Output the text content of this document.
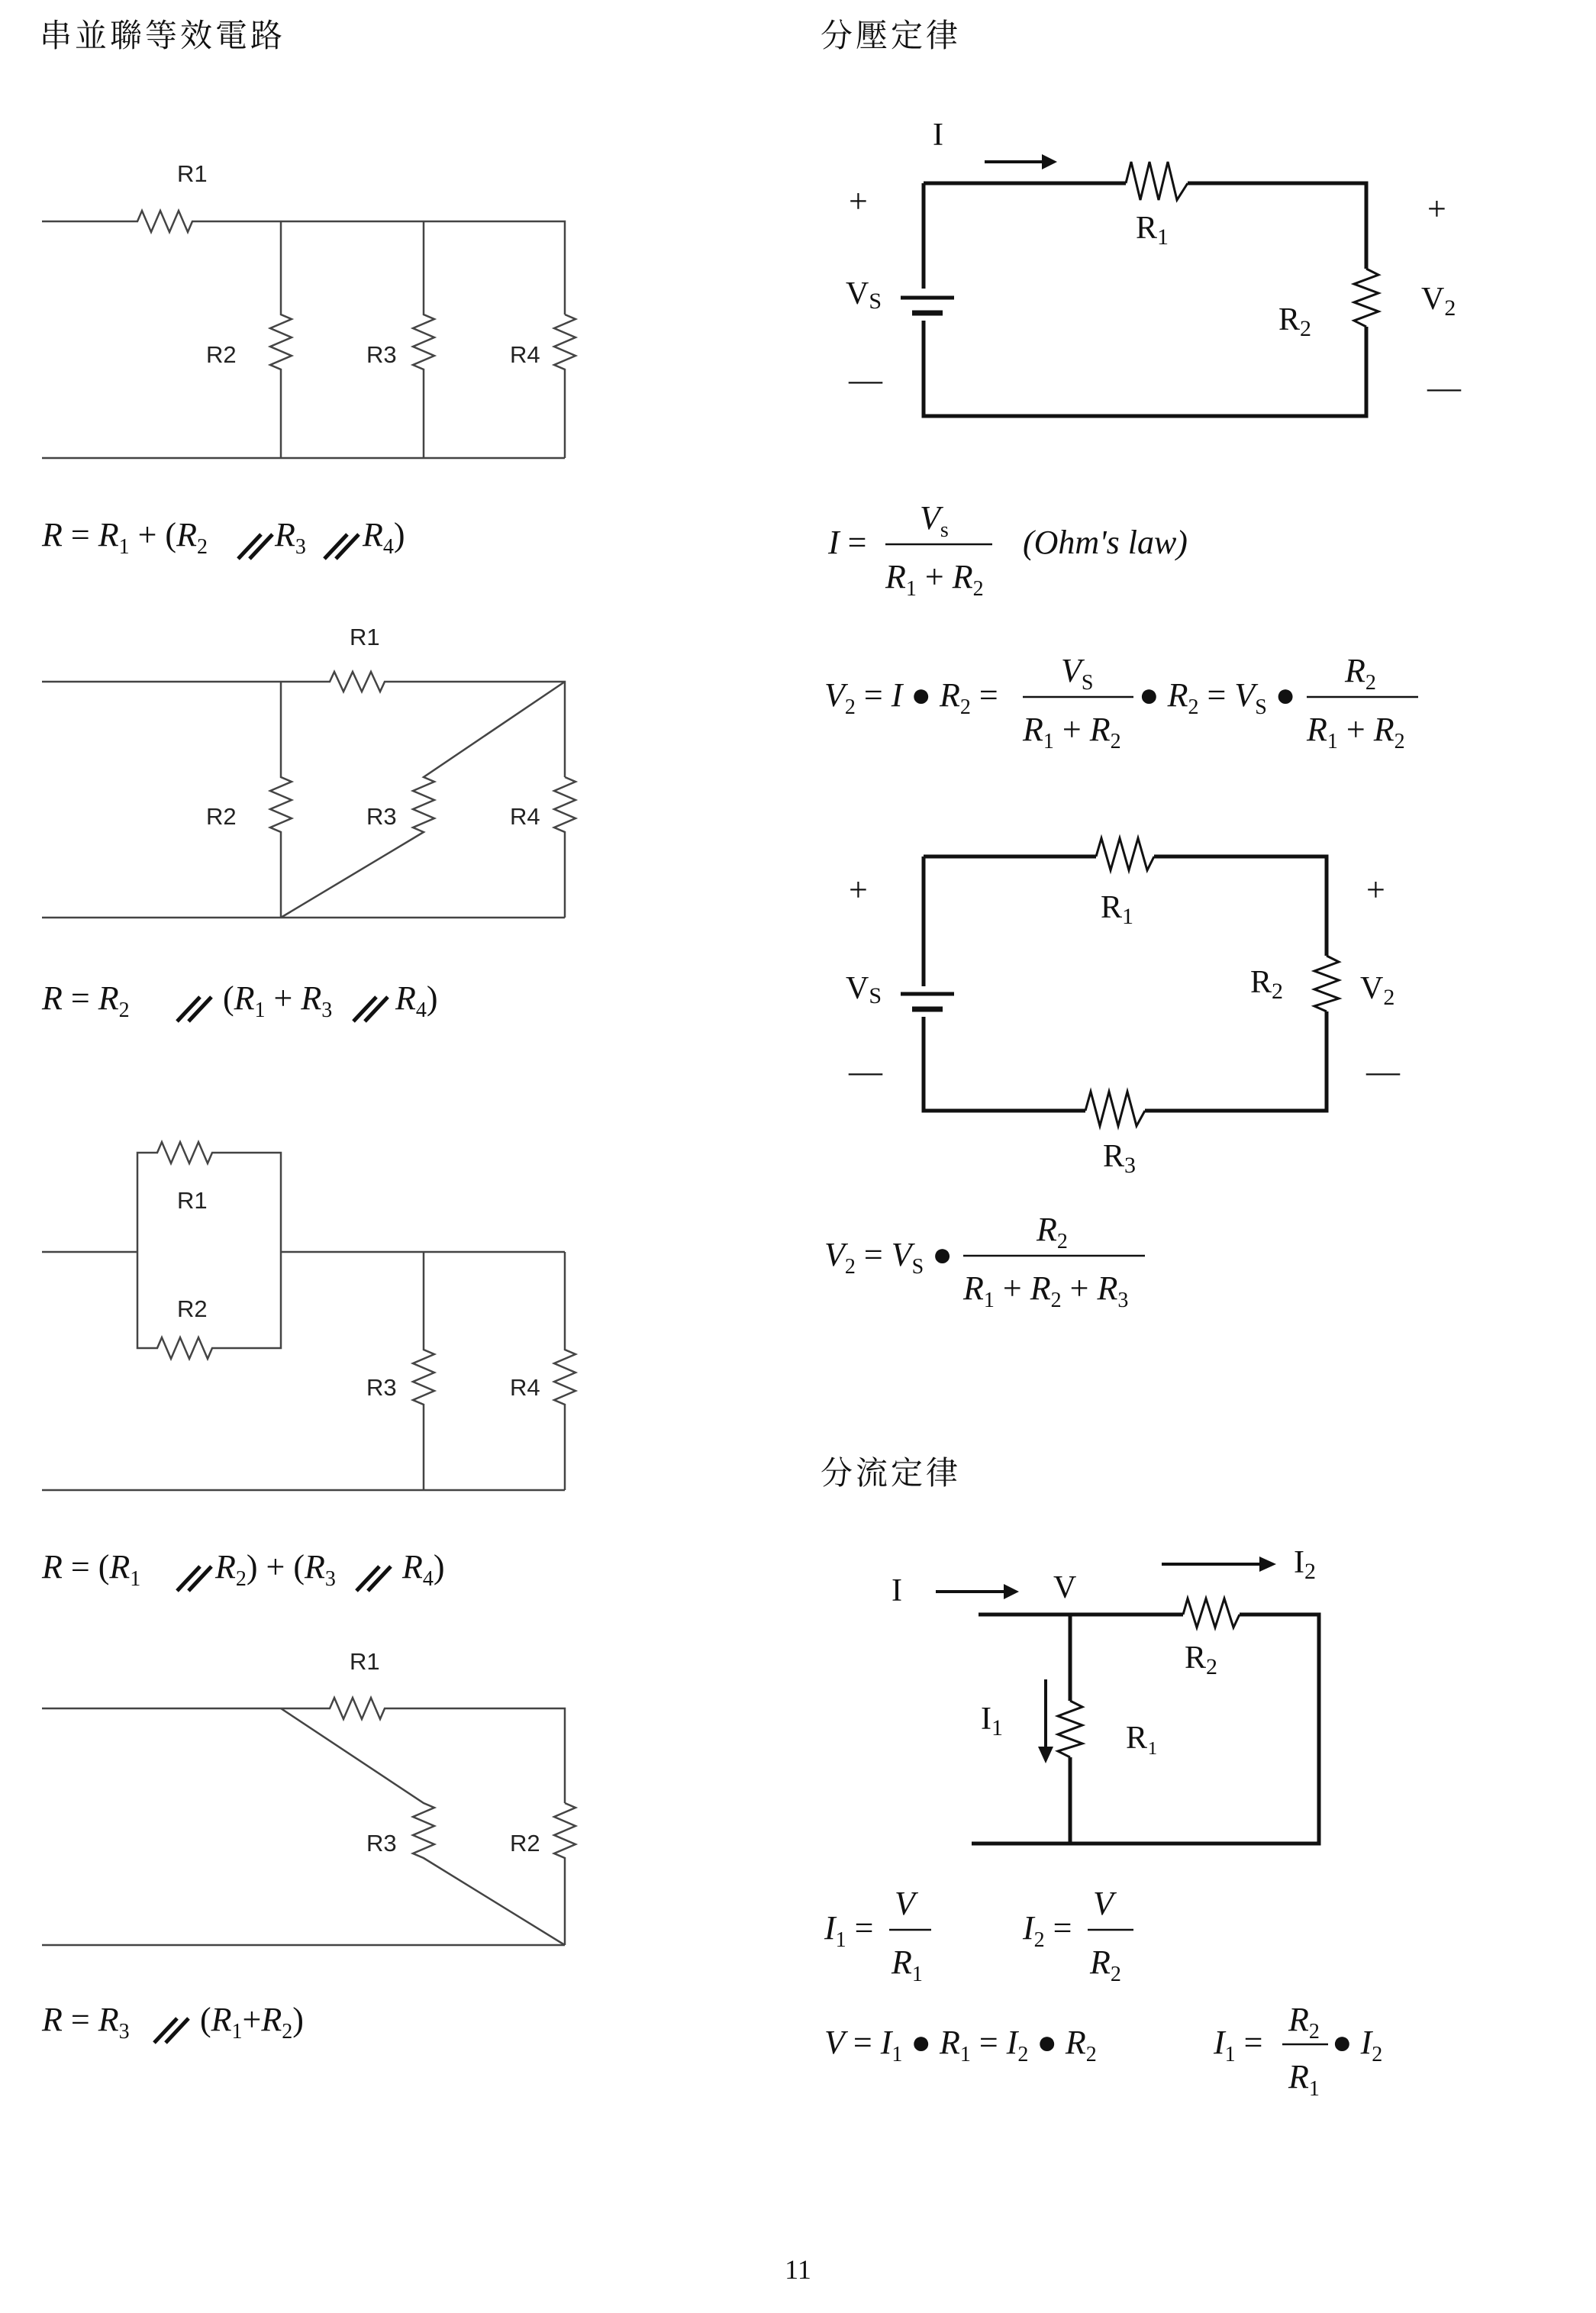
串並聯等效電路	分壓定律
分流定律
R1
R2	R3	R4
$R = R_1 + (R_2$ $R_3$ $R_4$)
R1
R2	R3	R4
$R = R_2$	($R_1 + R_3$ $R_4$)
R1
R2
R3	R4
$R = (R_1$ $R_2) + (R_3$ $R_4$)
R1
R3	R2
$R = R_3$ $(R_1+R_2)$
I
+
—
+
—
VS
R1
R2
V2
I =
$V_s$
$R_1 + R_2$
(Ohm's law)
$V_2 = I$ ● $R_2$ =
$V_S$
$R_1 + R_2$
● $R_2 = V_S$ ●
$R_2$
$R_1 + R_2$
+
—
+
—
VS
R1
R2
R3
V2
$V_2 = V_S$ ●
$R_2$
$R_1 + R_2 + R_3$
I	V
I2
I1	R₁
R2
$I_1$ =
V
$R_1$
$I_2$ =
V
$R_2$
$V = I_1$ ● $R_1 = I_2$ ● $R_2$	$I_1$ =
$R_2$
$R_1$
● $I_2$
11
